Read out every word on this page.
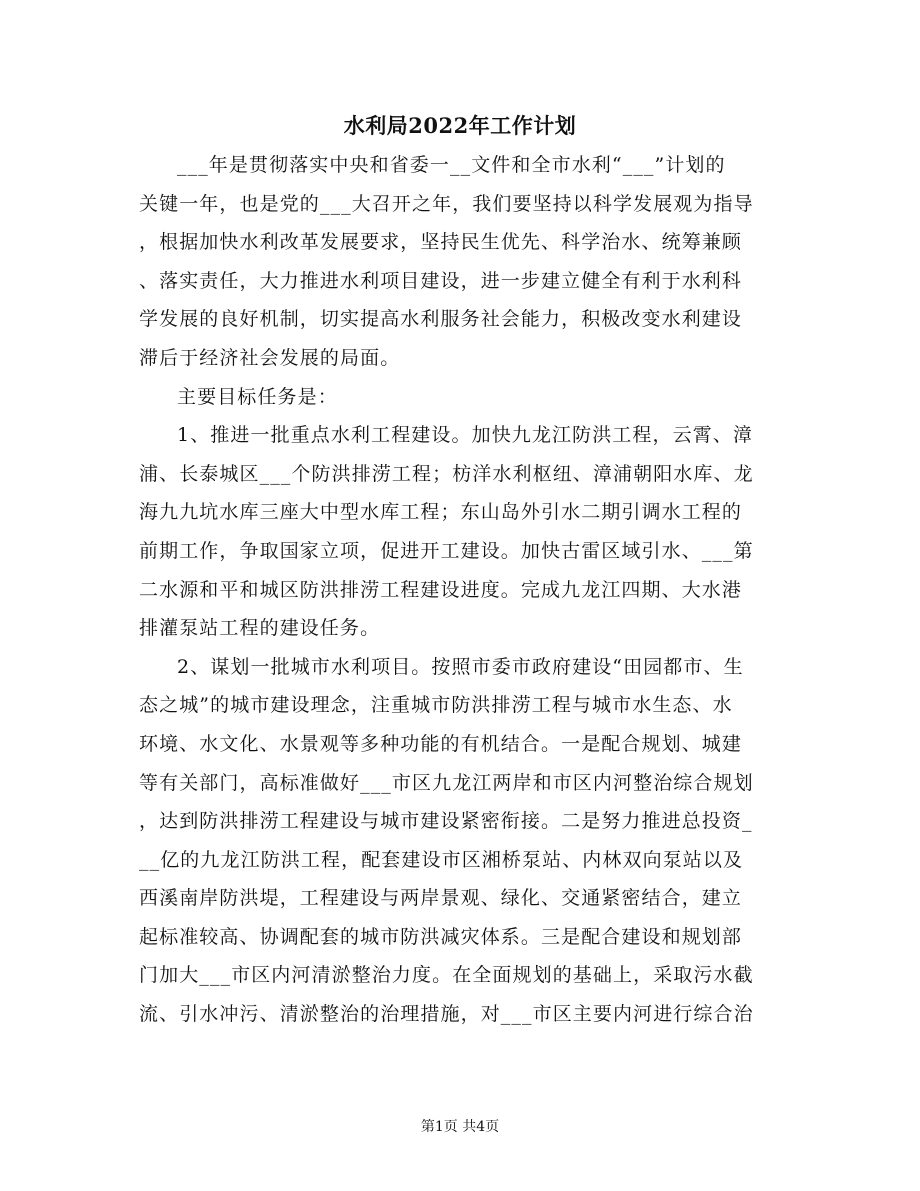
水利局2022年工作计划
___年是贯彻落实中央和省委一__文件和全市水利“___”计划的
关键一年，也是党的___大召开之年，我们要坚持以科学发展观为指导
，根据加快水利改革发展要求，坚持民生优先、科学治水、统筹兼顾
、落实责任，大力推进水利项目建设，进一步建立健全有利于水利科
学发展的良好机制，切实提高水利服务社会能力，积极改变水利建设
滞后于经济社会发展的局面。
主要目标任务是：
1、推进一批重点水利工程建设。加快九龙江防洪工程，云霄、漳
浦、长泰城区___个防洪排涝工程；枋洋水利枢纽、漳浦朝阳水库、龙
海九九坑水库三座大中型水库工程；东山岛外引水二期引调水工程的
前期工作，争取国家立项，促进开工建设。加快古雷区域引水、___第
二水源和平和城区防洪排涝工程建设进度。完成九龙江四期、大水港
排灌泵站工程的建设任务。
2、谋划一批城市水利项目。按照市委市政府建设“田园都市、生
态之城”的城市建设理念，注重城市防洪排涝工程与城市水生态、水
环境、水文化、水景观等多种功能的有机结合。一是配合规划、城建
等有关部门，高标准做好___市区九龙江两岸和市区内河整治综合规划
，达到防洪排涝工程建设与城市建设紧密衔接。二是努力推进总投资_
__亿的九龙江防洪工程，配套建设市区湘桥泵站、内林双向泵站以及
西溪南岸防洪堤，工程建设与两岸景观、绿化、交通紧密结合，建立
起标准较高、协调配套的城市防洪减灾体系。三是配合建设和规划部
门加大___市区内河清淤整治力度。在全面规划的基础上，采取污水截
流、引水冲污、清淤整治的治理措施，对___市区主要内河进行综合治
第1页 共4页
